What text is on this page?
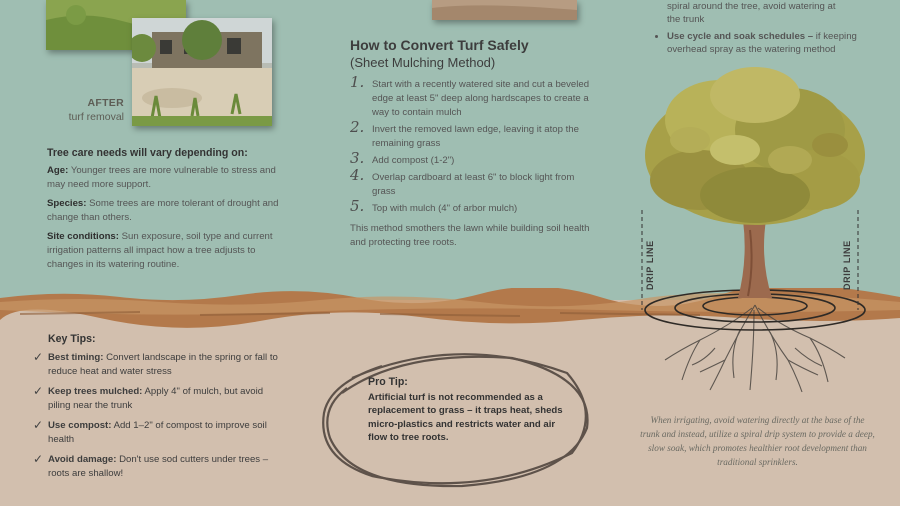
AFTER
turf removal
Tree care needs will vary depending on:

Age: Younger trees are more vulnerable to stress and may need more support.

Species: Some trees are more tolerant of drought and change than others.

Site conditions: Sun exposure, soil type and current irrigation patterns all impact how a tree adjusts to changes in its watering routine.

How to Convert Turf Safely
(Sheet Mulching Method)
1. Start with a recently watered site and cut a beveled edge at least 5" deep along hardscapes to create a way to contain mulch
2. Invert the removed lawn edge, leaving it atop the remaining grass
3. Add compost (1-2")
4. Overlap cardboard at least 6" to block light from grass
5. Top with mulch (4" of arbor mulch)
This method smothers the lawn while building soil health and protecting tree roots.
spiral around the tree, avoid watering at
the trunk
• Use cycle and soak schedules – if keeping overhead spray as the watering method
DRIP LINE	DRIP LINE
Key Tips:
✓ Best timing: Convert landscape in the spring or fall to reduce heat and water stress
✓ Keep trees mulched: Apply 4" of mulch, but avoid piling near the trunk
✓ Use compost: Add 1–2" of compost to improve soil health
✓ Avoid damage: Don't use sod cutters under trees – roots are shallow!
Pro Tip:
Artificial turf is not recommended as a replacement to grass – it traps heat, sheds micro-plastics and restricts water and air flow to tree roots.
When irrigating, avoid watering directly at the base of the trunk and instead, utilize a spiral drip system to provide a deep, slow soak, which promotes healthier root development than traditional sprinklers.
